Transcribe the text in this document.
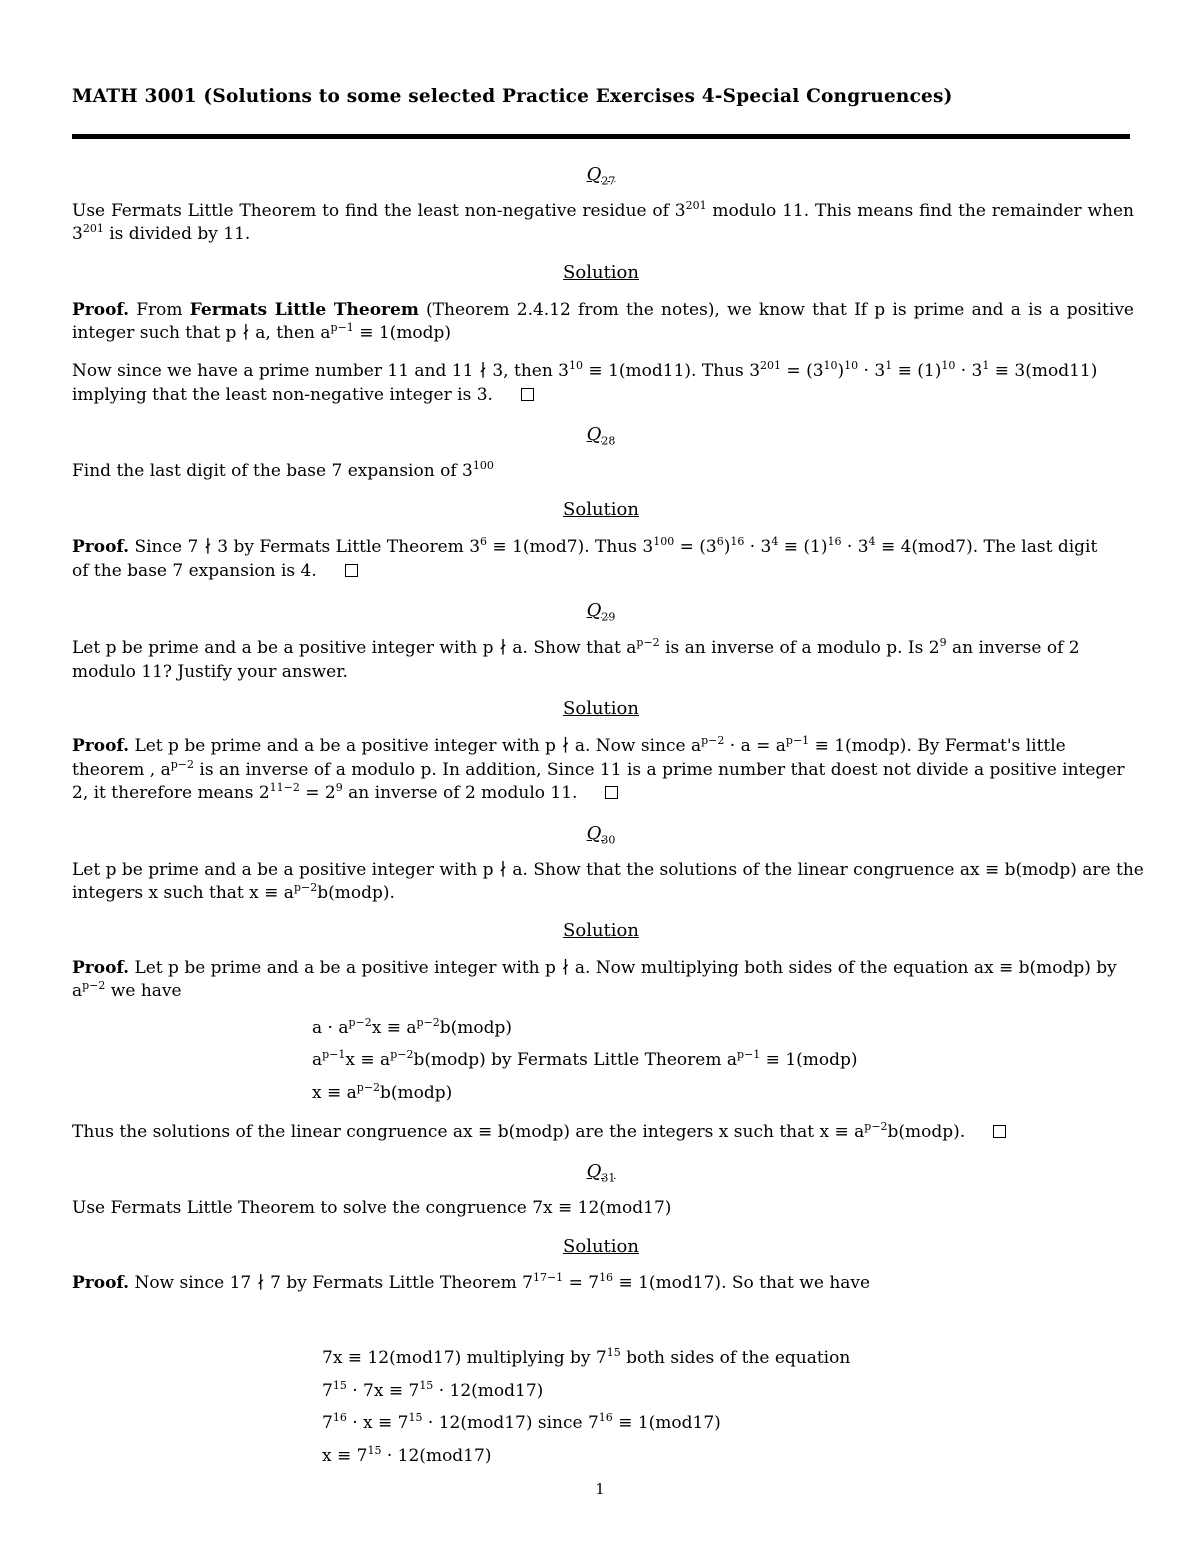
MATH 3001 (Solutions to some selected Practice Exercises 4-Special Congruences)
$Q_{27}$
Use Fermats Little Theorem to find the least non-negative residue of $3^{201}$ modulo 11. This means find the remainder when $3^{201}$ is divided by 11.
Solution
Proof. From Fermats Little Theorem (Theorem 2.4.12 from the notes), we know that If p is prime and a is a positive integer such that p ∤ a, then $a^{p-1}$ ≡ 1(modp)
Now since we have a prime number 11 and 11 ∤ 3, then $3^{10} \equiv 1(mod11)$. Thus $3^{201} = (3^{10})^{10} \cdot 3^1 \equiv (1)^{10} \cdot 3^1 \equiv 3(mod11)$
implying that the least non-negative integer is 3.
$Q_{28}$
Find the last digit of the base 7 expansion of $3^{100}$
Solution
Proof. Since 7 ∤ 3 by Fermats Little Theorem $3^6 \equiv 1(mod7)$. Thus $3^{100} = (3^6)^{16} \cdot 3^4 \equiv (1)^{16} \cdot 3^4 \equiv 4(mod7)$. The last digit
of the base 7 expansion is 4.
$Q_{29}$
Let p be prime and a be a positive integer with p ∤ a. Show that $a^{p-2}$ is an inverse of a modulo p. Is $2^9$ an inverse of 2
modulo 11? Justify your answer.
Solution
Proof. Let p be prime and a be a positive integer with p ∤ a. Now since $a^{p-2} \cdot a = a^{p-1}$ ≡ 1(modp). By Fermat's little
theorem , $a^{p-2}$ is an inverse of a modulo p. In addition, Since 11 is a prime number that doest not divide a positive integer
2, it therefore means $2^{11-2} = 2^9$ an inverse of 2 modulo 11.
$Q_{30}$
Let p be prime and a be a positive integer with p ∤ a. Show that the solutions of the linear congruence ax ≡ b(modp) are the
integers x such that $x \equiv a^{p-2}b(modp)$.
Solution
Proof. Let p be prime and a be a positive integer with p ∤ a. Now multiplying both sides of the equation ax ≡ b(modp) by
$a^{p-2}$ we have
$a \cdot a^{p-2}x$ ≡ $a^{p-2}b(modp)$
$a^{p-1}x$ ≡ $a^{p-2}b(modp)$ by Fermats Little Theorem $a^{p-1}$ ≡ 1(modp)
$x \equiv a^{p-2}b(modp)$
Thus the solutions of the linear congruence ax ≡ b(modp) are the integers x such that $x \equiv a^{p-2}b(modp)$.
$Q_{31}$
Use Fermats Little Theorem to solve the congruence 7x ≡ 12(mod17)
Solution
Proof. Now since 17 ∤ 7 by Fermats Little Theorem $7^{17-1} = 7^{16} \equiv 1(mod17)$. So that we have
7x ≡ 12(mod17) multiplying by $7^{15}$ both sides of the equation
$7^{15} \cdot 7x \equiv 7^{15} \cdot 12(mod17)$
$7^{16} \cdot x \equiv 7^{15} \cdot 12(mod17)$ since $7^{16} \equiv 1(mod17)$
$x \equiv 7^{15} \cdot 12(mod17)$
1
